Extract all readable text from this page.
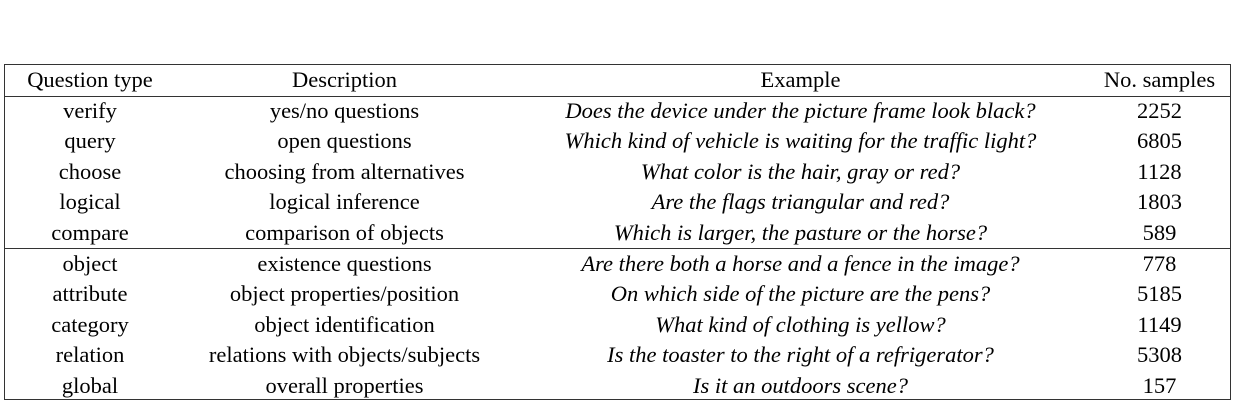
Question type	Description	Example	No. samples
verify	yes/no questions	Does the device under the picture frame look black?	2252
query	open questions	Which kind of vehicle is waiting for the traffic light?	6805
choose	choosing from alternatives	What color is the hair, gray or red?	1128
logical	logical inference	Are the flags triangular and red?	1803
compare	comparison of objects	Which is larger, the pasture or the horse?	589
object	existence questions	Are there both a horse and a fence in the image?	778
attribute	object properties/position	On which side of the picture are the pens?	5185
category	object identification	What kind of clothing is yellow?	1149
relation	relations with objects/subjects	Is the toaster to the right of a refrigerator?	5308
global	overall properties	Is it an outdoors scene?	157
